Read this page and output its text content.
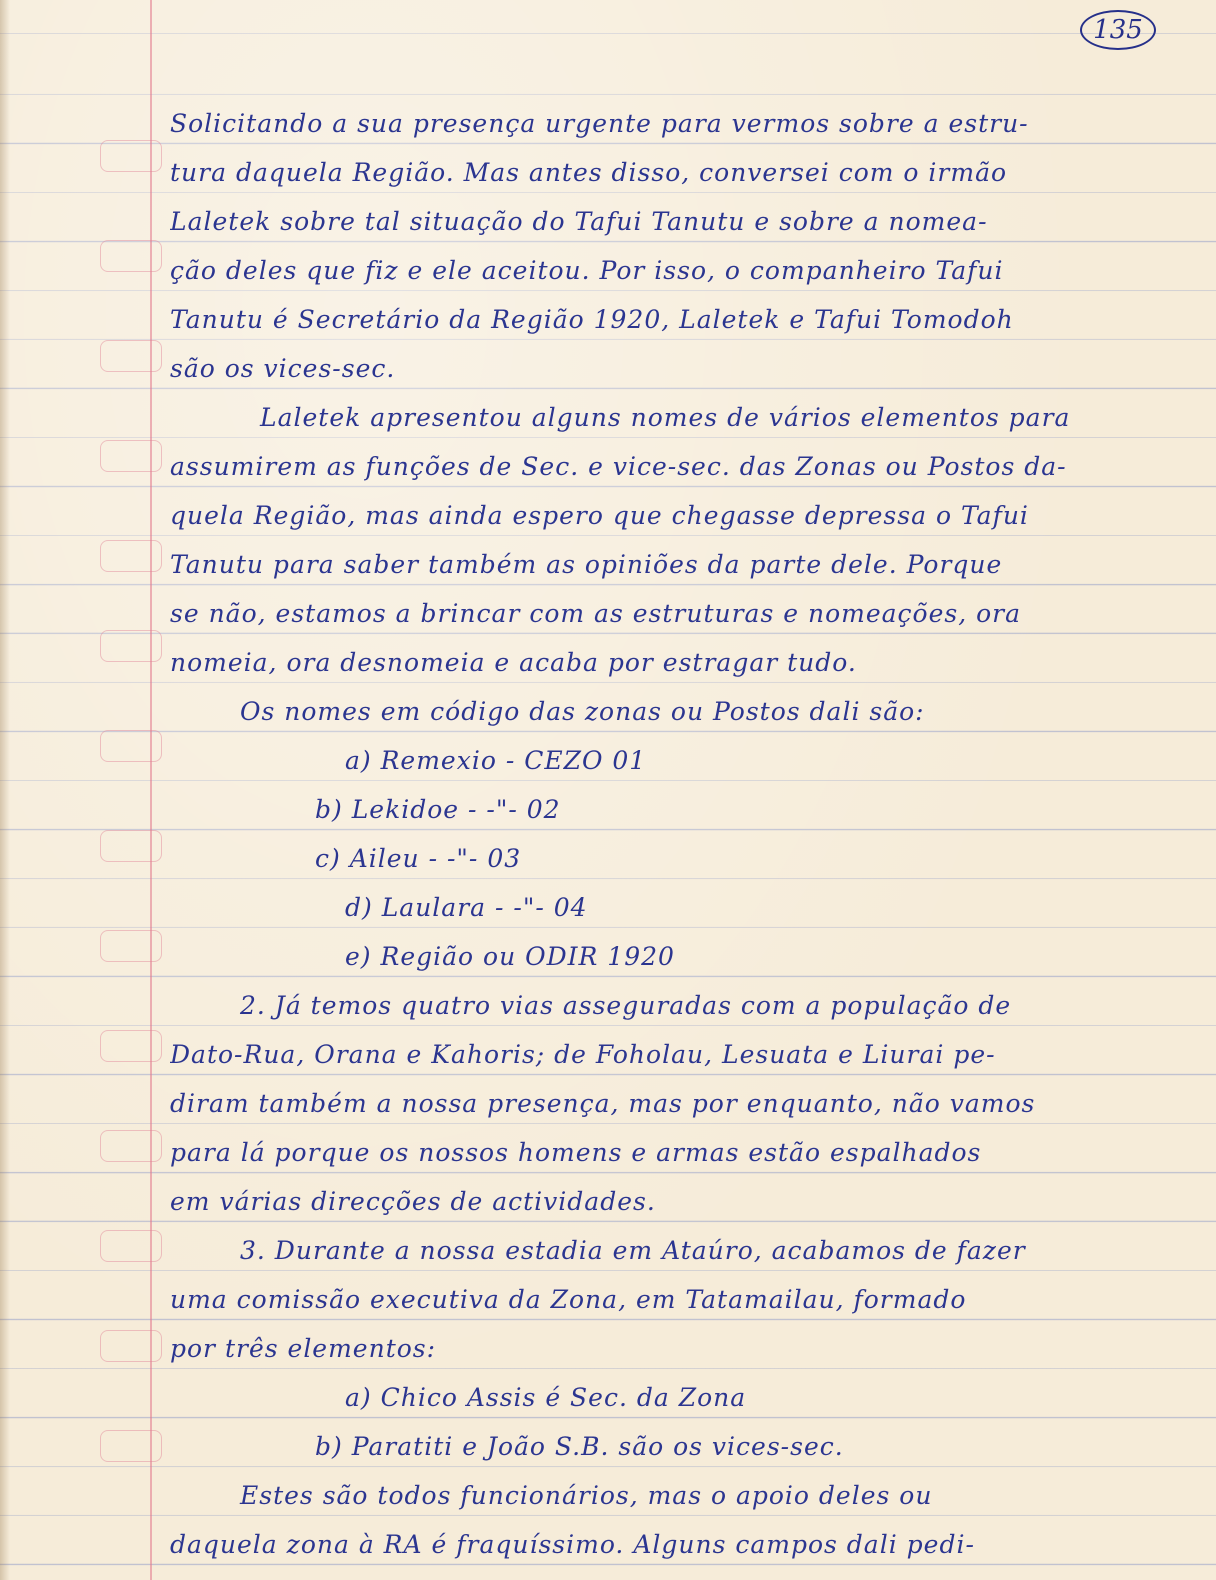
135
Solicitando a sua presença urgente para vermos sobre a estru-
tura daquela Região. Mas antes disso, conversei com o irmão
Laletek sobre tal situação do Tafui Tanutu e sobre a nomea-
ção deles que fiz e ele aceitou. Por isso, o companheiro Tafui
Tanutu é Secretário da Região 1920, Laletek e Tafui Tomodoh
são os vices-sec.
Laletek apresentou alguns nomes de vários elementos para
assumirem as funções de Sec. e vice-sec. das Zonas ou Postos da-
quela Região, mas ainda espero que chegasse depressa o Tafui
Tanutu para saber também as opiniões da parte dele. Porque
se não, estamos a brincar com as estruturas e nomeações, ora
nomeia, ora desnomeia e acaba por estragar tudo.
Os nomes em código das zonas ou Postos dali são:
a) Remexio - CEZO 01
b) Lekidoe - -"- 02
c) Aileu - -"- 03
d) Laulara - -"- 04
e) Região ou ODIR 1920
2. Já temos quatro vias asseguradas com a população de
Dato-Rua, Orana e Kahoris; de Foholau, Lesuata e Liurai pe-
diram também a nossa presença, mas por enquanto, não vamos
para lá porque os nossos homens e armas estão espalhados
em várias direcções de actividades.
3. Durante a nossa estadia em Ataúro, acabamos de fazer
uma comissão executiva da Zona, em Tatamailau, formado
por três elementos:
a) Chico Assis é Sec. da Zona
b) Paratiti e João S.B. são os vices-sec.
Estes são todos funcionários, mas o apoio deles ou
daquela zona à RA é fraquíssimo. Alguns campos dali pedi-
